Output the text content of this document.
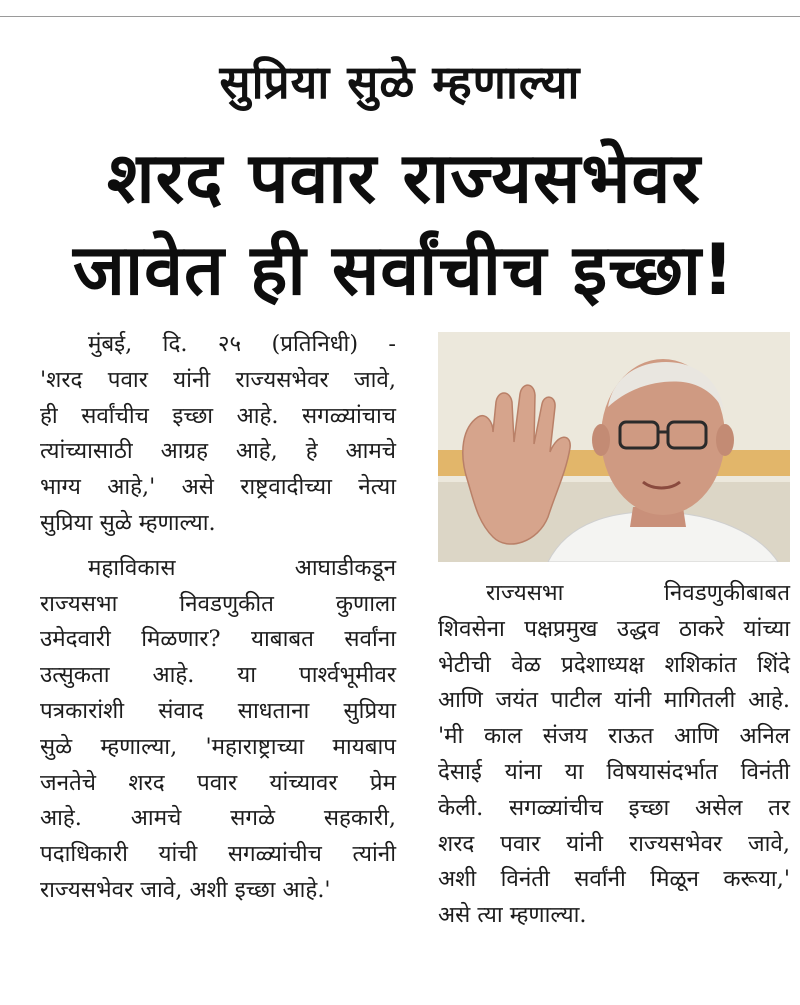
सुप्रिया सुळे म्हणाल्या
शरद पवार राज्यसभेवर
जावेत ही सर्वांचीच इच्छा!

मुंबई, दि. २५ (प्रतिनिधी) -

'शरद पवार यांनी राज्यसभेवर जावे,

ही सर्वांचीच इच्छा आहे. सगळ्यांचाच

त्यांच्यासाठी आग्रह आहे, हे आमचे

भाग्य आहे,' असे राष्ट्रवादीच्या नेत्या

सुप्रिया सुळे म्हणाल्या.

महाविकास आघाडीकडून

राज्यसभा निवडणुकीत कुणाला

उमेदवारी मिळणार? याबाबत सर्वांना

उत्सुकता आहे. या पार्श्वभूमीवर

पत्रकारांशी संवाद साधताना सुप्रिया

सुळे म्हणाल्या, 'महाराष्ट्राच्या मायबाप

जनतेचे शरद पवार यांच्यावर प्रेम

आहे. आमचे सगळे सहकारी,

पदाधिकारी यांची सगळ्यांचीच त्यांनी

राज्यसभेवर जावे, अशी इच्छा आहे.'

राज्यसभा निवडणुकीबाबत

शिवसेना पक्षप्रमुख उद्धव ठाकरे यांच्या

भेटीची वेळ प्रदेशाध्यक्ष शशिकांत शिंदे

आणि जयंत पाटील यांनी मागितली आहे.

'मी काल संजय राऊत आणि अनिल

देसाई यांना या विषयासंदर्भात विनंती

केली. सगळ्यांचीच इच्छा असेल तर

शरद पवार यांनी राज्यसभेवर जावे,

अशी विनंती सर्वांनी मिळून करूया,'

असे त्या म्हणाल्या.
